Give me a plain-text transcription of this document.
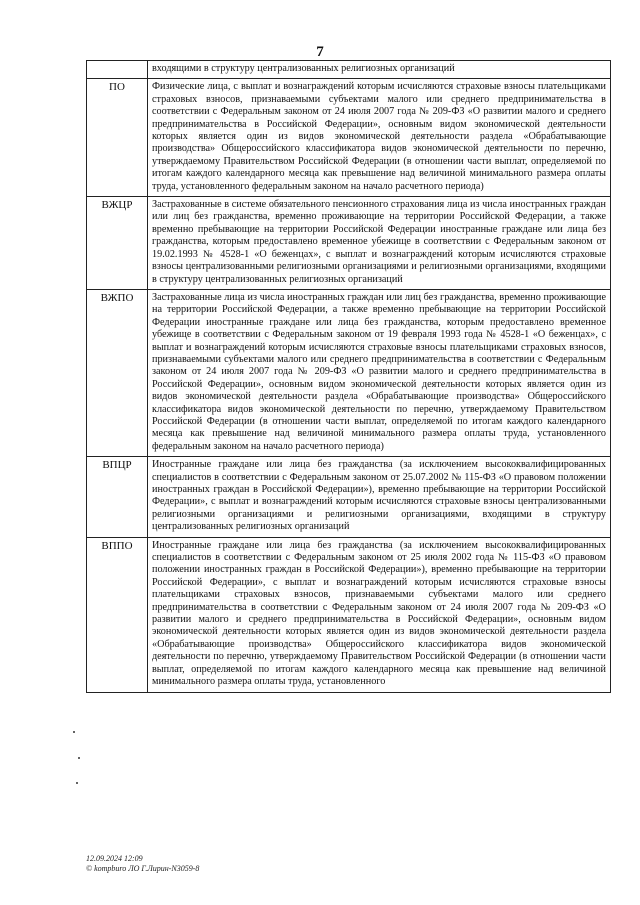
7
	входящими в структуру централизованных религиозных организаций
ПО	Физические лица, с выплат и вознаграждений которым исчисляются страховые взносы плательщиками страховых взносов, признаваемыми субъектами малого или среднего предпринимательства в соответствии с Федеральным законом от 24 июля 2007 года № 209-ФЗ «О развитии малого и среднего предпринимательства в Российской Федерации», основным видом экономической деятельности которых является один из видов экономической деятельности раздела «Обрабатывающие производства» Общероссийского классификатора видов экономической деятельности по перечню, утверждаемому Правительством Российской Федерации (в отношении части выплат, определяемой по итогам каждого календарного месяца как превышение над величиной минимального размера оплаты труда, установленного федеральным законом на начало расчетного периода)
ВЖЦР	Застрахованные в системе обязательного пенсионного страхования лица из числа иностранных граждан или лиц без гражданства, временно проживающие на территории Российской Федерации, а также временно пребывающие на территории Российской Федерации иностранные граждане или лица без гражданства, которым предоставлено временное убежище в соответствии с Федеральным законом от 19.02.1993 № 4528-1 «О беженцах», с выплат и вознаграждений которым исчисляются страховые взносы централизованными религиозными организациями и религиозными организациями, входящими в структуру централизованных религиозных организаций
ВЖПО	Застрахованные лица из числа иностранных граждан или лиц без гражданства, временно проживающие на территории Российской Федерации, а также временно пребывающие на территории Российской Федерации иностранные граждане или лица без гражданства, которым предоставлено временное убежище в соответствии с Федеральным законом от 19 февраля 1993 года № 4528-1 «О беженцах», с выплат и вознаграждений которым исчисляются страховые взносы плательщиками страховых взносов, признаваемыми субъектами малого или среднего предпринимательства в соответствии с Федеральным законом от 24 июля 2007 года № 209-ФЗ «О развитии малого и среднего предпринимательства в Российской Федерации», основным видом экономической деятельности которых является один из видов экономической деятельности раздела «Обрабатывающие производства» Общероссийского классификатора видов экономической деятельности по перечню, утверждаемому Правительством Российской Федерации (в отношении части выплат, определяемой по итогам каждого календарного месяца как превышение над величиной минимального размера оплаты труда, установленного федеральным законом на начало расчетного периода)
ВПЦР	Иностранные граждане или лица без гражданства (за исключением высококвалифицированных специалистов в соответствии с Федеральным законом от 25.07.2002 № 115-ФЗ «О правовом положении иностранных граждан в Российской Федерации»), временно пребывающие на территории Российской Федерации», с выплат и вознаграждений которым исчисляются страховые взносы централизованными религиозными организациями и религиозными организациями, входящими в структуру централизованных религиозных организаций
ВППО	Иностранные граждане или лица без гражданства (за исключением высококвалифицированных специалистов в соответствии с Федеральным законом от 25 июля 2002 года № 115-ФЗ «О правовом положении иностранных граждан в Российской Федерации»), временно пребывающие на территории Российской Федерации», с выплат и вознаграждений которым исчисляются страховые взносы плательщиками страховых взносов, признаваемыми субъектами малого или среднего предпринимательства в соответствии с Федеральным законом от 24 июля 2007 года № 209-ФЗ «О развитии малого и среднего предпринимательства в Российской Федерации», основным видом экономической деятельности которых является один из видов экономической деятельности раздела «Обрабатывающие производства» Общероссийского классификатора видов экономической деятельности по перечню, утверждаемому Правительством Российской Федерации (в отношении части выплат, определяемой по итогам каждого календарного месяца как превышение над величиной минимального размера оплаты труда, установленного
12.09.2024 12:09
© kompburo ЛО Г.Лирин-N3059-8
